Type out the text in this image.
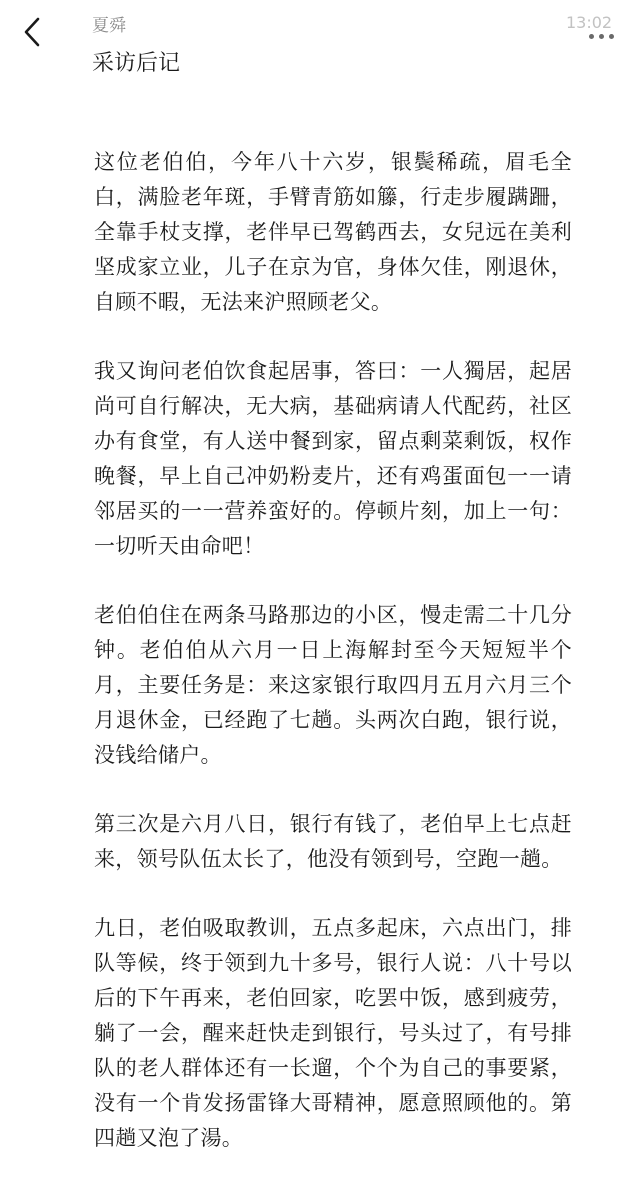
夏舜	13:02
采访后记

这位老伯伯，今年八十六岁，银鬓稀疏，眉毛全白，满脸老年斑，手臂青筋如籐，行走步履蹒跚，全靠手杖支撑，老伴早已驾鹤西去，女兒远在美利坚成家立业，儿子在京为官，身体欠佳，刚退休，自顾不暇，无法来沪照顾老父。

我又询问老伯饮食起居事，答曰：一人獨居，起居尚可自行解决，无大病，基础病请人代配药，社区办有食堂，有人送中餐到家，留点剩菜剩饭，权作晚餐，早上自己冲奶粉麦片，还有鸡蛋面包一一请邻居买的一一营养蛮好的。停顿片刻，加上一句：一切听天由命吧！

老伯伯住在两条马路那边的小区，慢走需二十几分钟。老伯伯从六月一日上海解封至今天短短半个月，主要任务是：来这家银行取四月五月六月三个月退休金，已经跑了七趟。头两次白跑，银行说，没钱给储户。

第三次是六月八日，银行有钱了，老伯早上七点赶来，领号队伍太长了，他没有领到号，空跑一趟。

九日，老伯吸取教训，五点多起床，六点出门，排队等候，终于领到九十多号，银行人说：八十号以后的下午再来，老伯回家，吃罢中饭，感到疲劳，躺了一会，醒来赶快走到银行，号头过了，有号排队的老人群体还有一长遛，个个为自己的事要紧，没有一个肯发扬雷锋大哥精神，愿意照顾他的。第四趟又泡了湯。
